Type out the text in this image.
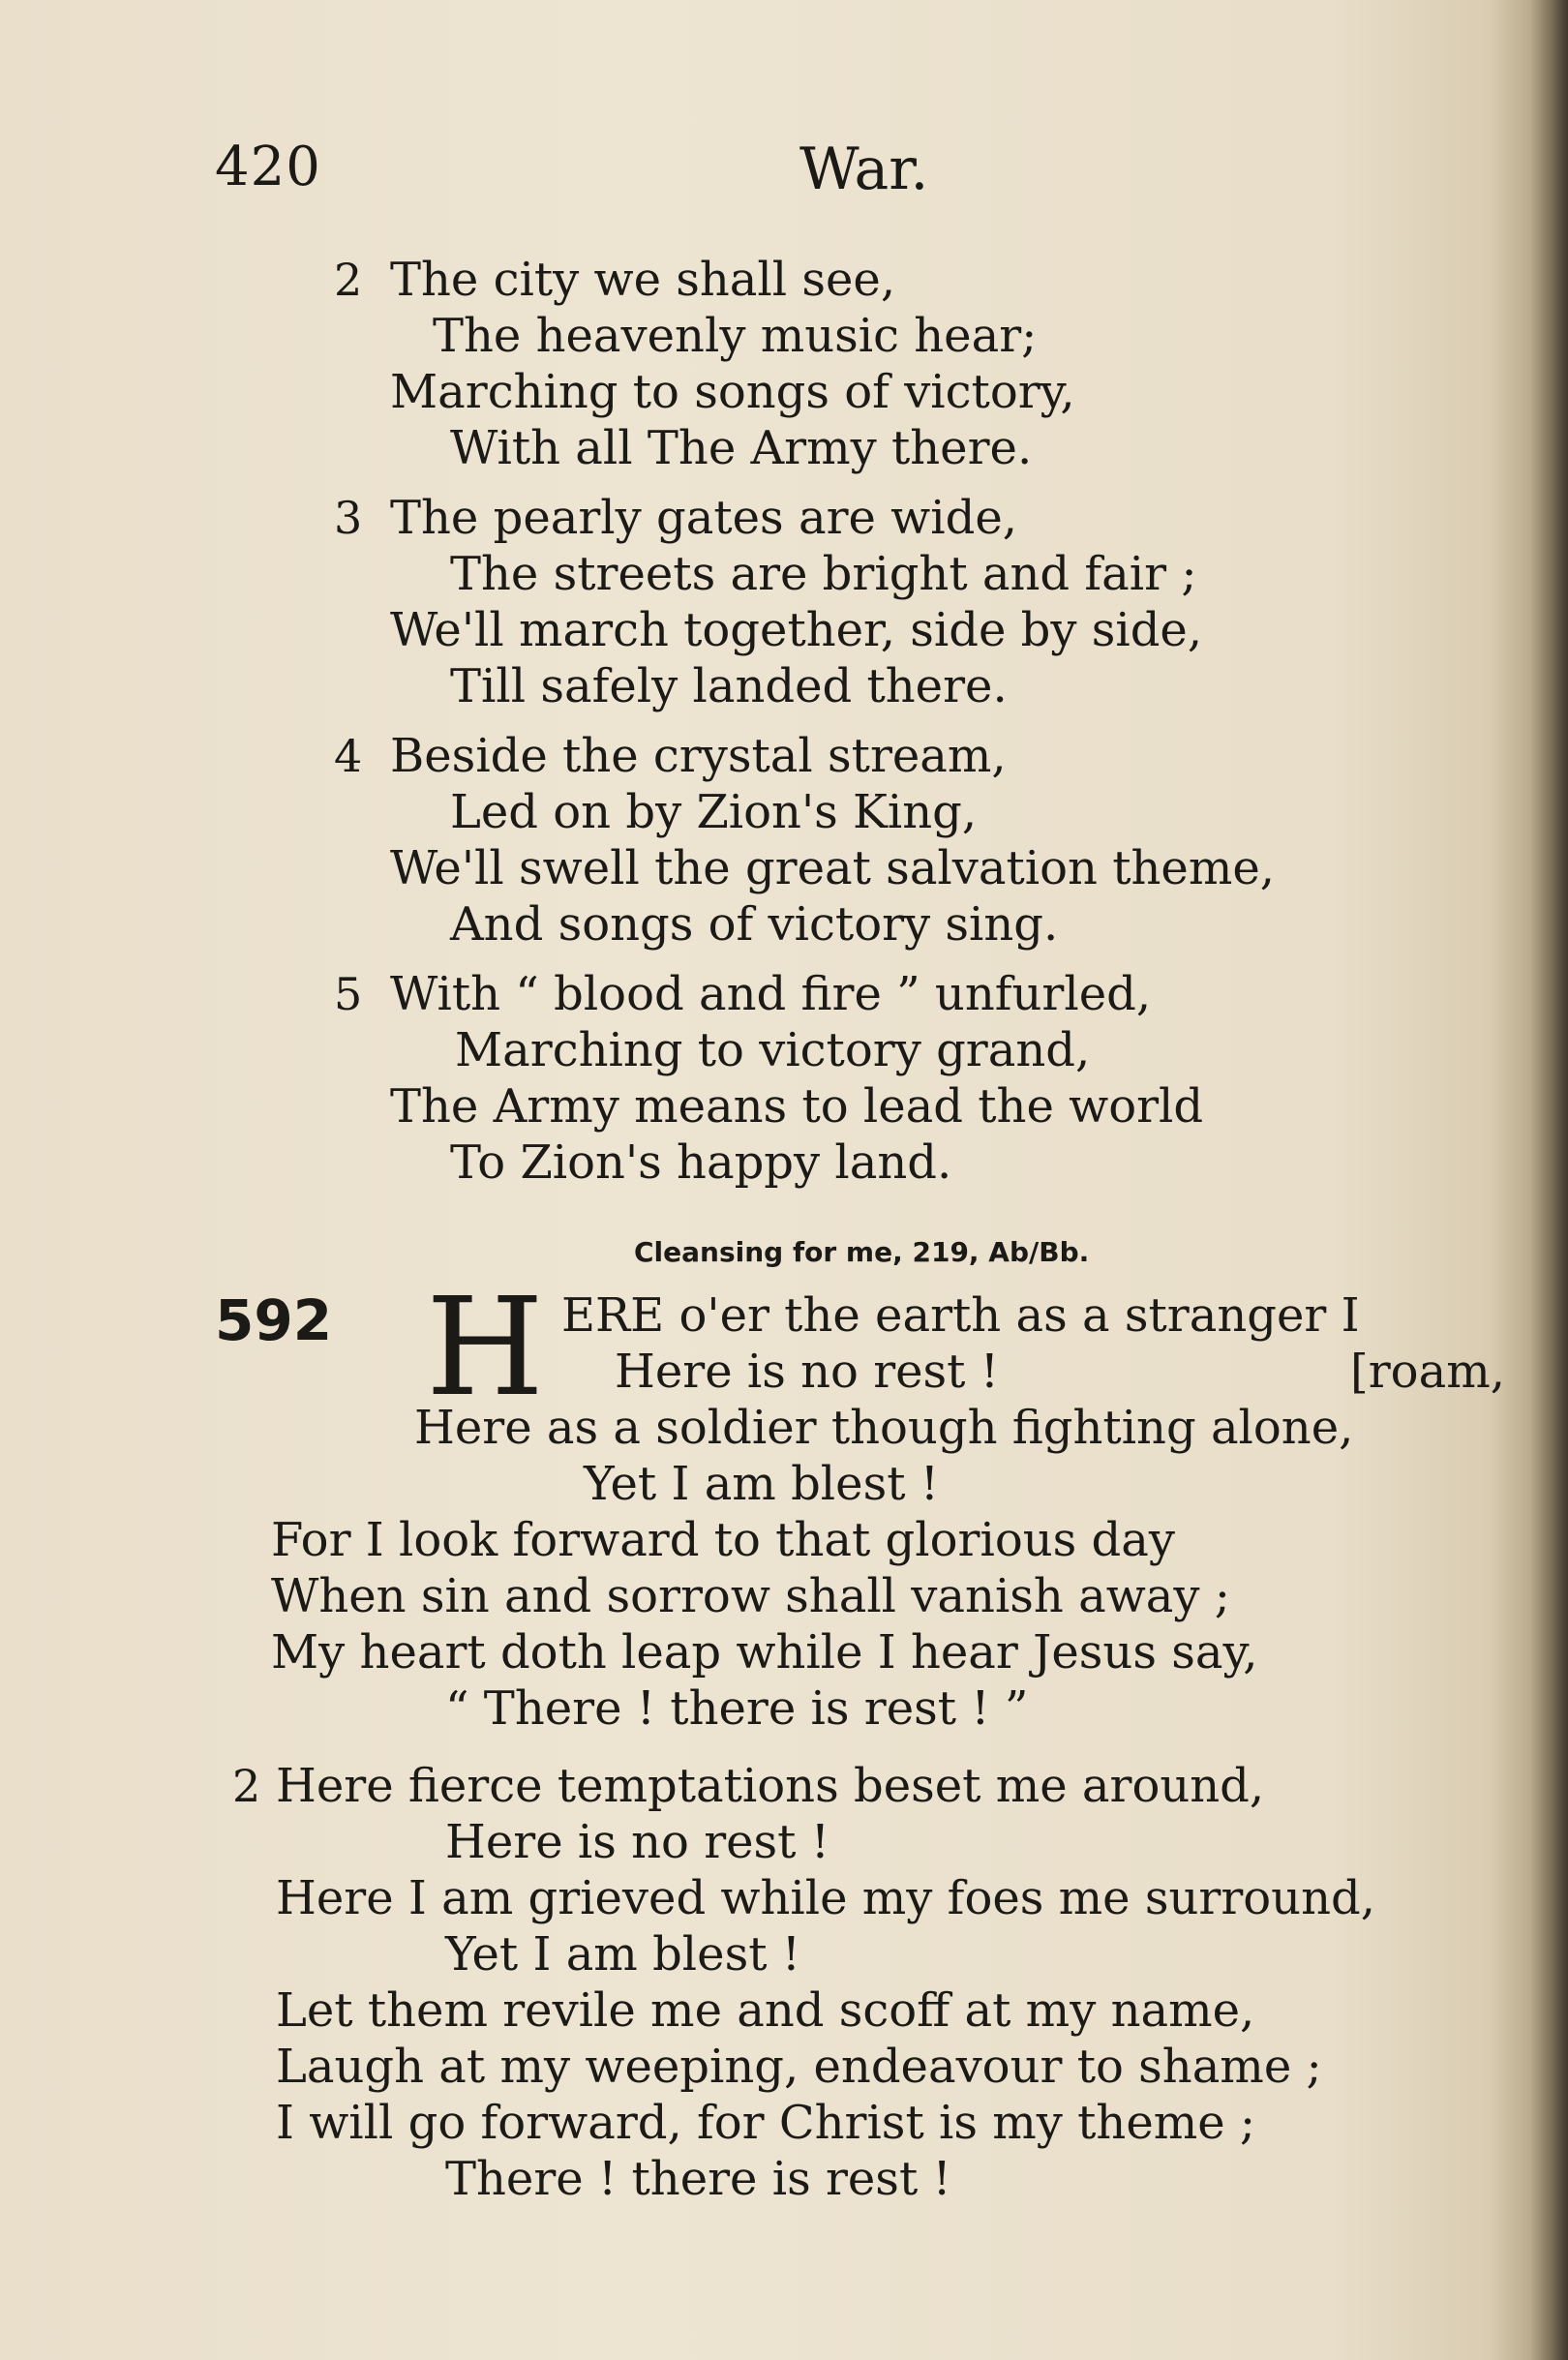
420	War.
2 The city we shall see,
The heavenly music hear;
Marching to songs of victory,
With all The Army there.
3 The pearly gates are wide,
The streets are bright and fair ;
We'll march together, side by side,
Till safely landed there.
4 Beside the crystal stream,
Led on by Zion's King,
We'll swell the great salvation theme,
And songs of victory sing.
5 With “ blood and fire ” unfurled,
Marching to victory grand,
The Army means to lead the world
To Zion's happy land.
Cleansing for me, 219, Ab/Bb.
592 H ERE o'er the earth as a stranger I
Here is no rest !	[roam,
Here as a soldier though fighting alone,
Yet I am blest !
For I look forward to that glorious day
When sin and sorrow shall vanish away ;
My heart doth leap while I hear Jesus say,
“ There ! there is rest ! ”
2 Here fierce temptations beset me around,
Here is no rest !
Here I am grieved while my foes me surround,
Yet I am blest !
Let them revile me and scoff at my name,
Laugh at my weeping, endeavour to shame ;
I will go forward, for Christ is my theme ;
There ! there is rest !
